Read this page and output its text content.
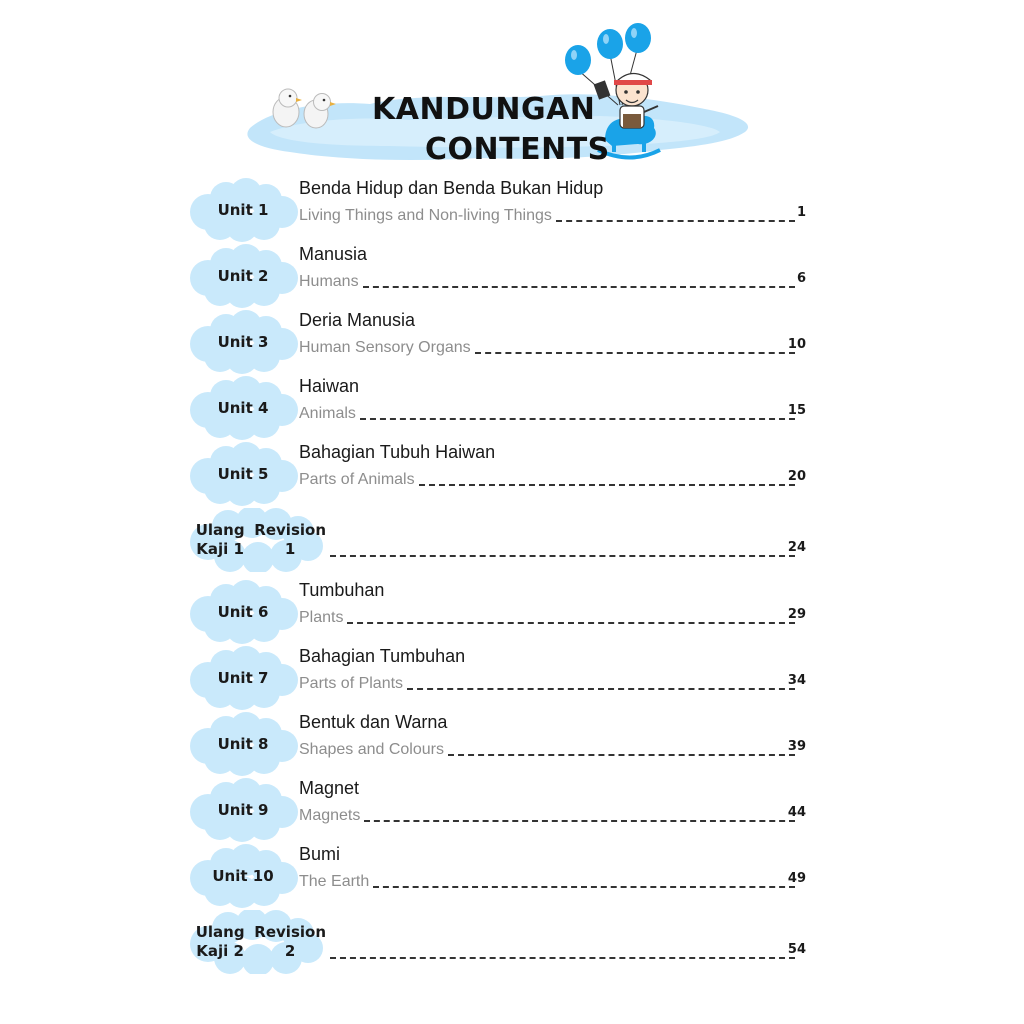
KANDUNGAN
CONTENTS
Unit 1
Benda Hidup dan Benda Bukan Hidup
Living Things and Non-living Things	1
Unit 2
Manusia
Humans	6
Unit 3
Deria Manusia
Human Sensory Organs	10
Unit 4
Haiwan
Animals	15
Unit 5
Bahagian Tubuh Haiwan
Parts of Animals	20
Ulang Kaji 1

Revision 1	24
Unit 6
Tumbuhan
Plants	29
Unit 7
Bahagian Tumbuhan
Parts of Plants	34
Unit 8
Bentuk dan Warna
Shapes and Colours	39
Unit 9
Magnet
Magnets	44
Unit 10
Bumi
The Earth	49
Ulang Kaji 2

Revision 2	54
